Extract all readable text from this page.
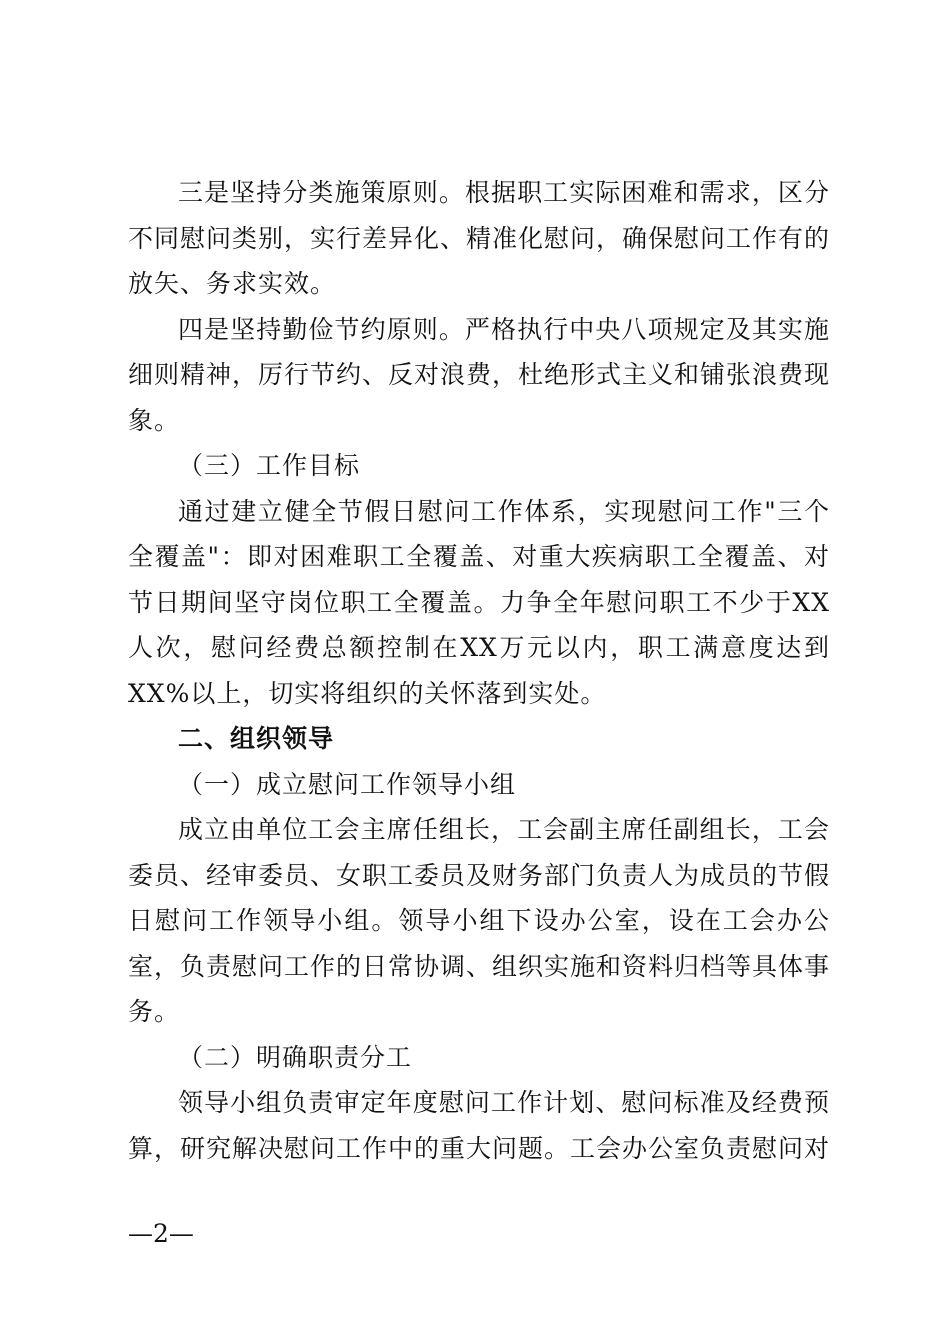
三是坚持分类施策原则。根据职工实际困难和需求，区分不同慰问类别，实行差异化、精准化慰问，确保慰问工作有的放矢、务求实效。

四是坚持勤俭节约原则。严格执行中央八项规定及其实施细则精神，厉行节约、反对浪费，杜绝形式主义和铺张浪费现象。

（三）工作目标

通过建立健全节假日慰问工作体系，实现慰问工作"三个全覆盖"：即对困难职工全覆盖、对重大疾病职工全覆盖、对节日期间坚守岗位职工全覆盖。力争全年慰问职工不少于XX人次，慰问经费总额控制在XX万元以内，职工满意度达到XX%以上，切实将组织的关怀落到实处。

二、组织领导

（一）成立慰问工作领导小组

成立由单位工会主席任组长，工会副主席任副组长，工会委员、经审委员、女职工委员及财务部门负责人为成员的节假日慰问工作领导小组。领导小组下设办公室，设在工会办公室，负责慰问工作的日常协调、组织实施和资料归档等具体事务。

（二）明确职责分工

领导小组负责审定年度慰问工作计划、慰问标准及经费预算，研究解决慰问工作中的重大问题。工会办公室负责慰问对

—2—
